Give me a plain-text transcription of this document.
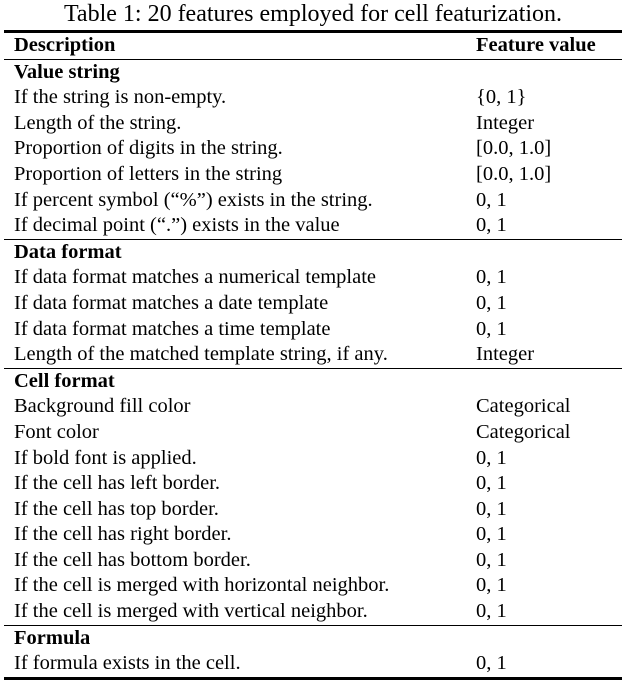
Table 1: 20 features employed for cell featurization.
Description	Feature value
Value string	
If the string is non-empty.	{0, 1}
Length of the string.	Integer
Proportion of digits in the string.	[0.0, 1.0]
Proportion of letters in the string	[0.0, 1.0]
If percent symbol (“%”) exists in the string.	0, 1
If decimal point (“.”) exists in the value	0, 1
Data format	
If data format matches a numerical template	0, 1
If data format matches a date template	0, 1
If data format matches a time template	0, 1
Length of the matched template string, if any.	Integer
Cell format	
Background fill color	Categorical
Font color	Categorical
If bold font is applied.	0, 1
If the cell has left border.	0, 1
If the cell has top border.	0, 1
If the cell has right border.	0, 1
If the cell has bottom border.	0, 1
If the cell is merged with horizontal neighbor.	0, 1
If the cell is merged with vertical neighbor.	0, 1
Formula	
If formula exists in the cell.	0, 1
